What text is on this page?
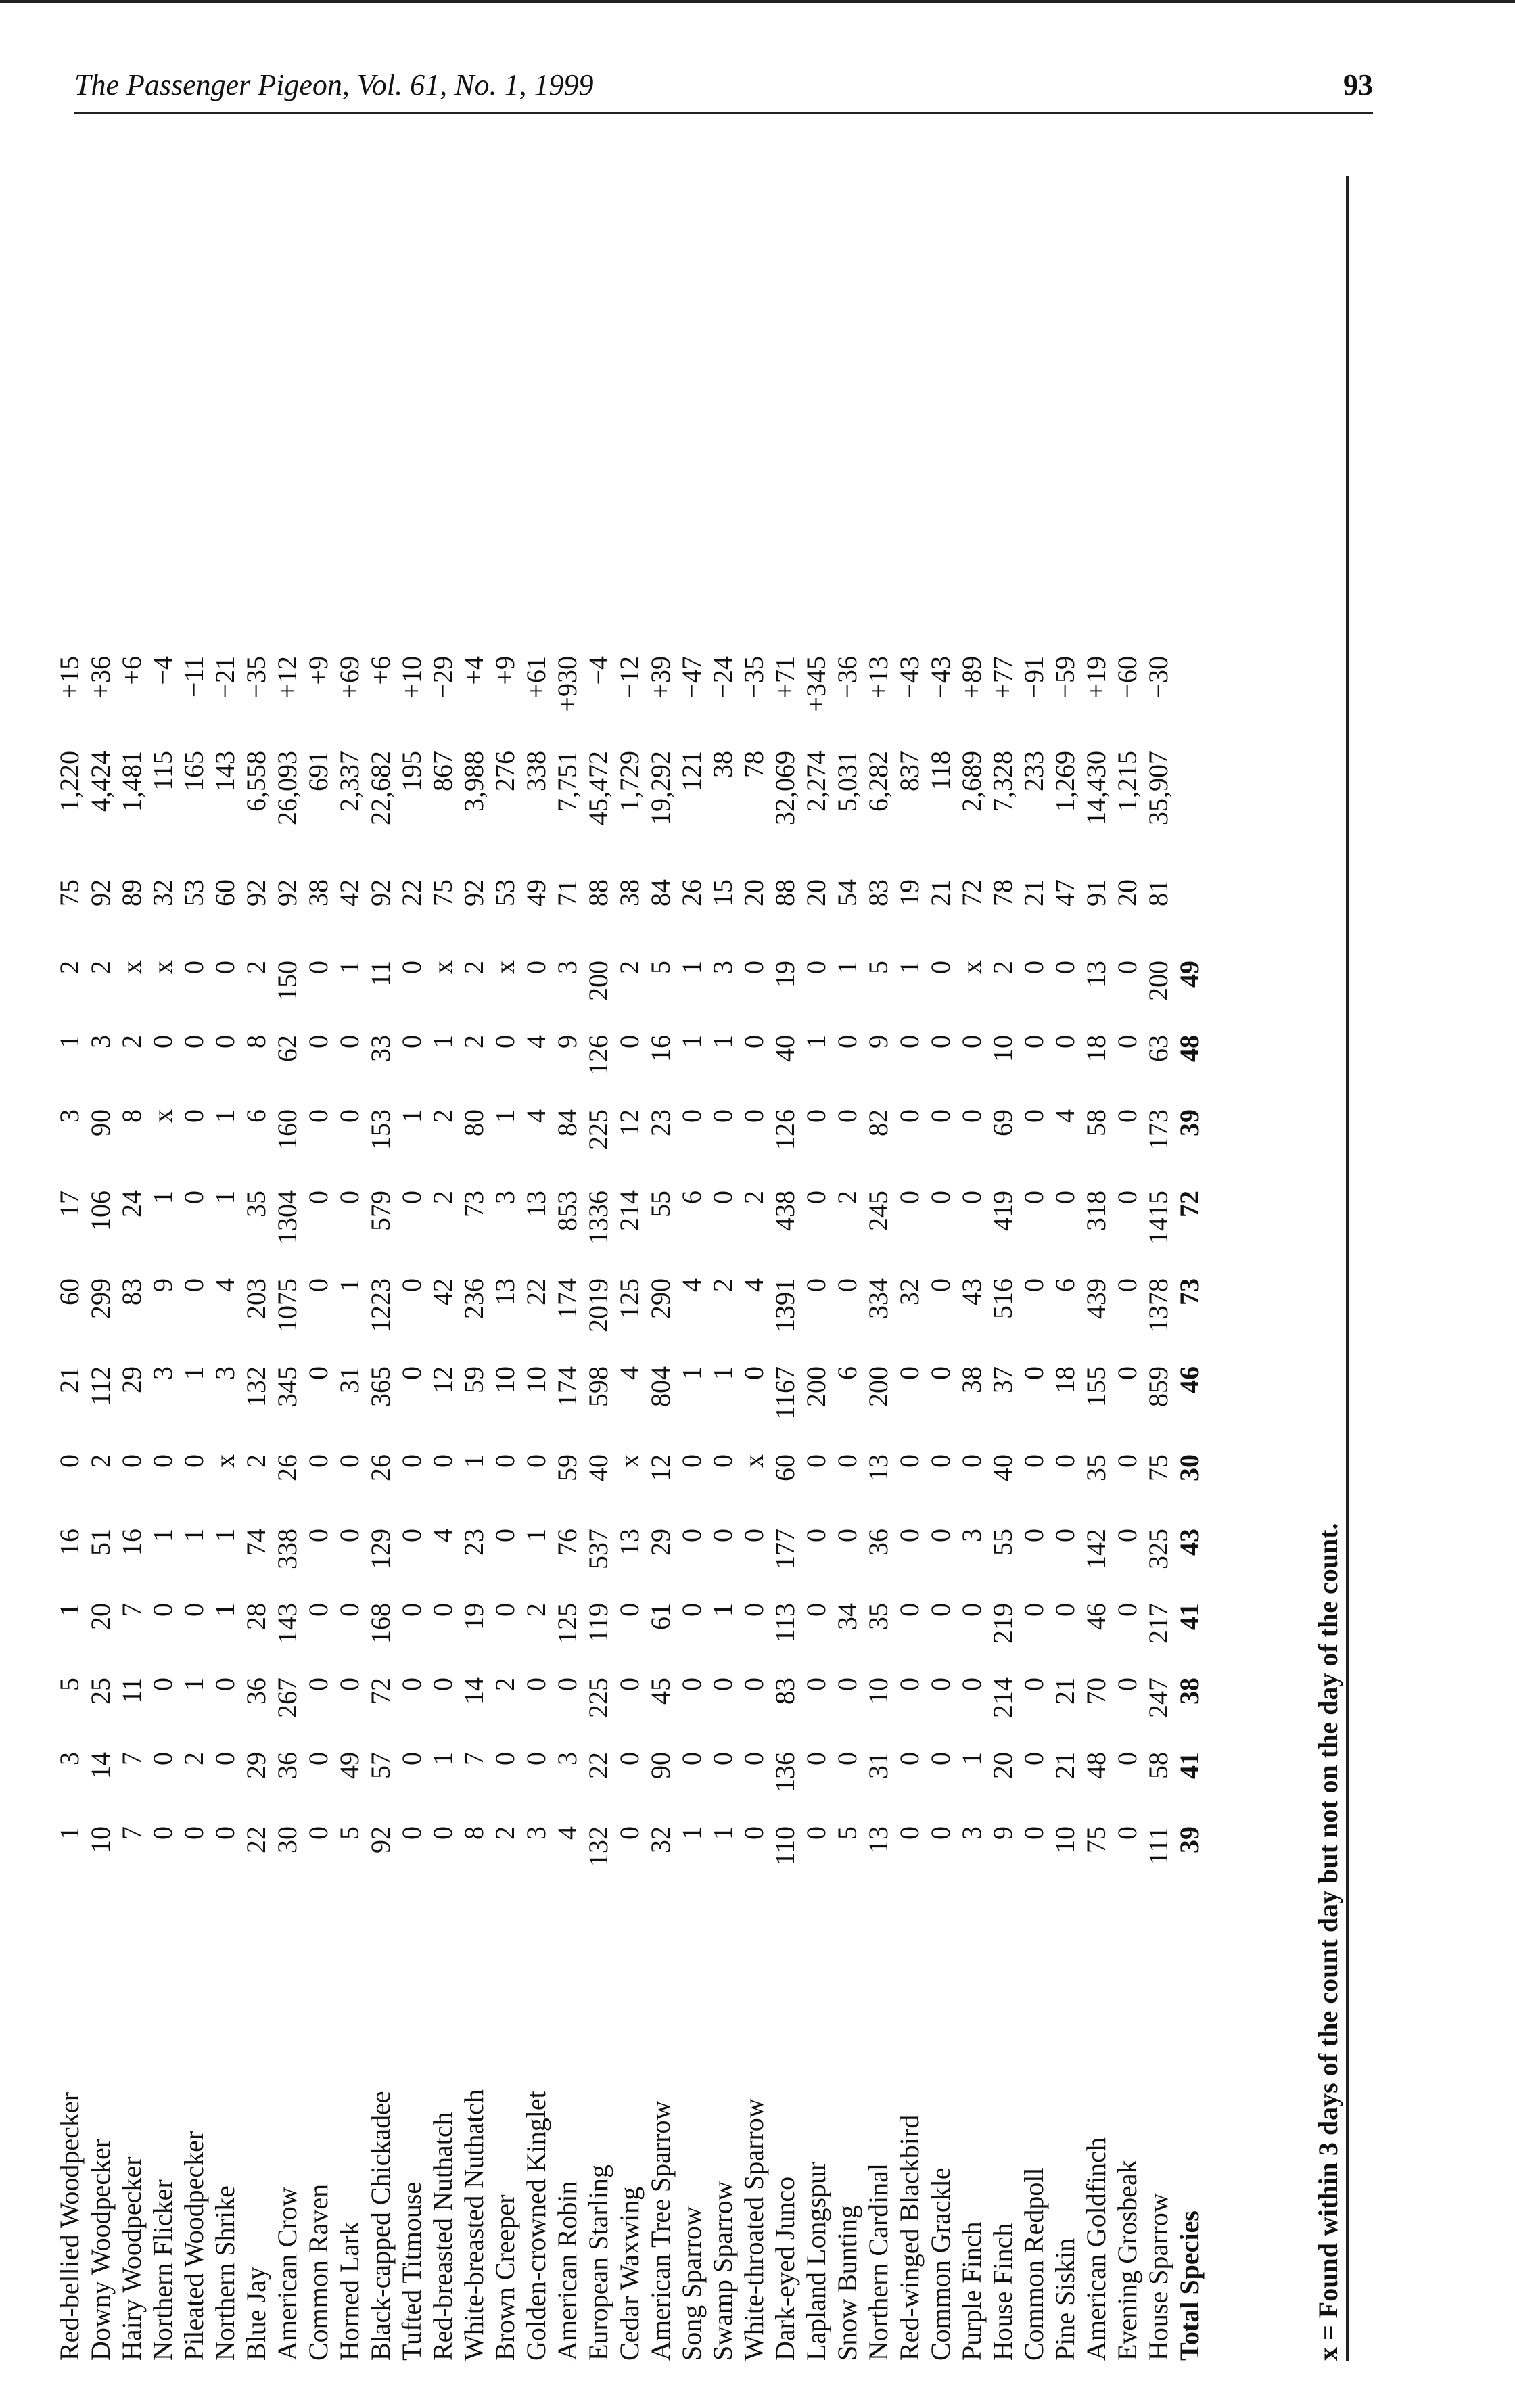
The Passenger Pigeon, Vol. 61, No. 1, 1999	93
Red-bellied Woodpecker
1
3
5
1
16
0
21
60
17
3
1
2
75
1,220
+15
Downy Woodpecker
10
14
25
20
51
2
112
299
106
90
3
2
92
4,424
+36
Hairy Woodpecker
7
7
11
7
16
0
29
83
24
8
2
x
89
1,481
+6
Northern Flicker
0
0
0
0
1
0
3
9
1
x
0
x
32
115
−4
Pileated Woodpecker
0
2
1
0
1
0
1
0
0
0
0
0
53
165
−11
Northern Shrike
0
0
0
1
1
x
3
4
1
1
0
0
60
143
−21
Blue Jay
22
29
36
28
74
2
132
203
35
6
8
2
92
6,558
−35
American Crow
30
36
267
143
338
26
345
1075
1304
160
62
150
92
26,093
+12
Common Raven
0
0
0
0
0
0
0
0
0
0
0
0
38
691
+9
Horned Lark
5
49
0
0
0
0
31
1
0
0
0
1
42
2,337
+69
Black-capped Chickadee
92
57
72
168
129
26
365
1223
579
153
33
11
92
22,682
+6
Tufted Titmouse
0
0
0
0
0
0
0
0
0
1
0
0
22
195
+10
Red-breasted Nuthatch
0
1
0
0
4
0
12
42
2
2
1
x
75
867
−29
White-breasted Nuthatch
8
7
14
19
23
1
59
236
73
80
2
2
92
3,988
+4
Brown Creeper
2
0
2
0
0
0
10
13
3
1
0
x
53
276
+9
Golden-crowned Kinglet
3
0
0
2
1
0
10
22
13
4
4
0
49
338
+61
American Robin
4
3
0
125
76
59
174
174
853
84
9
3
71
7,751
+930
European Starling
132
22
225
119
537
40
598
2019
1336
225
126
200
88
45,472
−4
Cedar Waxwing
0
0
0
0
13
x
4
125
214
12
0
2
38
1,729
−12
American Tree Sparrow
32
90
45
61
29
12
804
290
55
23
16
5
84
19,292
+39
Song Sparrow
1
0
0
0
0
0
1
4
6
0
1
1
26
121
−47
Swamp Sparrow
1
0
0
1
0
0
1
2
0
0
1
3
15
38
−24
White-throated Sparrow
0
0
0
0
0
x
0
4
2
0
0
0
20
78
−35
Dark-eyed Junco
110
136
83
113
177
60
1167
1391
438
126
40
19
88
32,069
+71
Lapland Longspur
0
0
0
0
0
0
200
0
0
0
1
0
20
2,274
+345
Snow Bunting
5
0
0
34
0
0
6
0
2
0
0
1
54
5,031
−36
Northern Cardinal
13
31
10
35
36
13
200
334
245
82
9
5
83
6,282
+13
Red-winged Blackbird
0
0
0
0
0
0
0
32
0
0
0
1
19
837
−43
Common Grackle
0
0
0
0
0
0
0
0
0
0
0
0
21
118
−43
Purple Finch
3
1
0
0
3
0
38
43
0
0
0
x
72
2,689
+89
House Finch
9
20
214
219
55
40
37
516
419
69
10
2
78
7,328
+77
Common Redpoll
0
0
0
0
0
0
0
0
0
0
0
0
21
233
−91
Pine Siskin
10
21
21
0
0
0
18
6
0
4
0
0
47
1,269
−59
American Goldfinch
75
48
70
46
142
35
155
439
318
58
18
13
91
14,430
+19
Evening Grosbeak
0
0
0
0
0
0
0
0
0
0
0
0
20
1,215
−60
House Sparrow
111
58
247
217
325
75
859
1378
1415
173
63
200
81
35,907
−30
Total Species
39
41
38
41
43
30
46
73
72
39
48
49
x = Found within 3 days of the count day but not on the day of the count.
